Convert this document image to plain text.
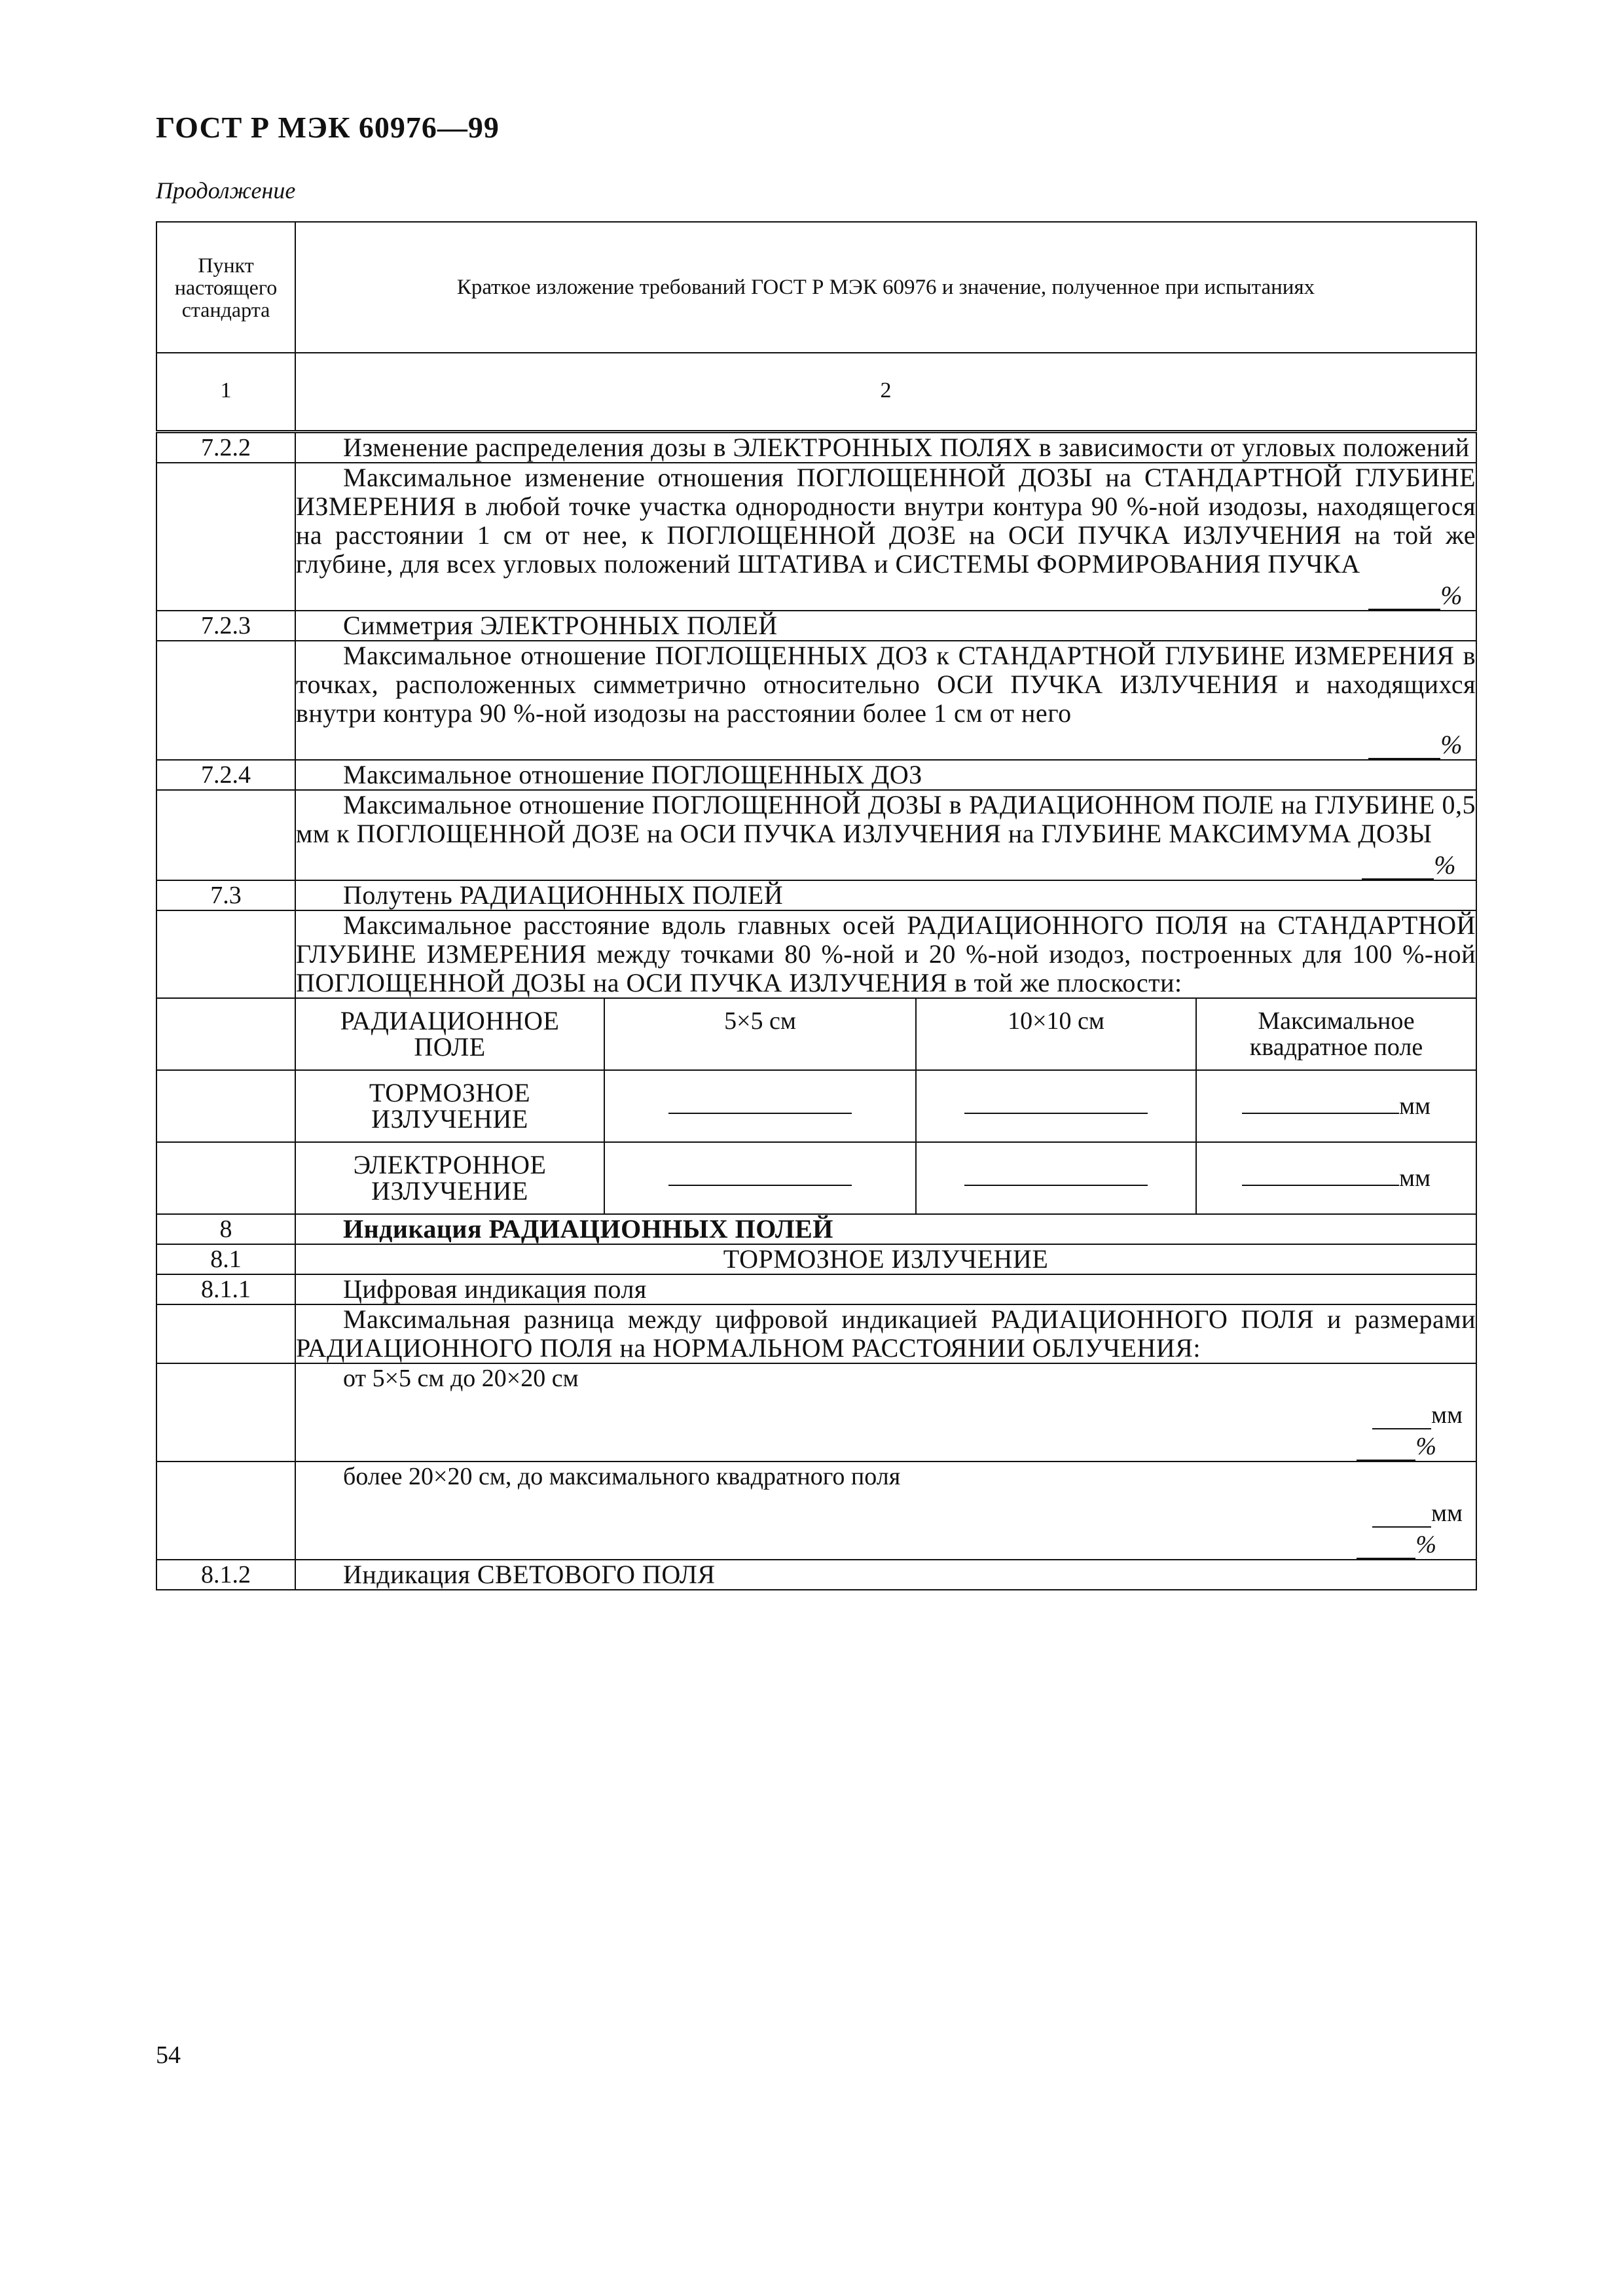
ГОСТ Р МЭК 60976—99
Продолжение
Пункт настоящего стандарта	Краткое изложение требований ГОСТ Р МЭК 60976 и значение, полученное при испытаниях			
1	2			
7.2.2	Изменение распределения дозы в ЭЛЕКТРОННЫХ ПОЛЯХ в зависимости от угловых положений			

	Максимальное изменение отношения ПОГЛОЩЕННОЙ ДОЗЫ на СТАНДАРТНОЙ ГЛУБИНЕ ИЗМЕРЕНИЯ в любой точке участка однородности внутри контура 90 %-ной изодозы, находящегося на расстоянии 1 см от нее, к ПОГЛОЩЕННОЙ ДОЗЕ на ОСИ ПУЧКА ИЗЛУЧЕНИЯ на той же глубине, для всех угловых положений ШТАТИВА и СИСТЕМЫ ФОРМИРОВАНИЯ ПУЧКА
%			

7.2.3	Симметрия ЭЛЕКТРОННЫХ ПОЛЕЙ			

	Максимальное отношение ПОГЛОЩЕННЫХ ДОЗ к СТАНДАРТНОЙ ГЛУБИНЕ ИЗМЕРЕНИЯ в точках, расположенных симметрично относительно ОСИ ПУЧКА ИЗЛУЧЕНИЯ и находящихся внутри контура 90 %-ной изодозы на расстоянии более 1 см от него
%			

7.2.4	Максимальное отношение ПОГЛОЩЕННЫХ ДОЗ			

	Максимальное отношение ПОГЛОЩЕННОЙ ДОЗЫ в РАДИАЦИОННОМ ПОЛЕ на ГЛУБИНЕ 0,5 мм к ПОГЛОЩЕННОЙ ДОЗЕ на ОСИ ПУЧКА ИЗЛУЧЕНИЯ на ГЛУБИНЕ МАКСИМУМА ДОЗЫ
%			

7.3	Полутень РАДИАЦИОННЫХ ПОЛЕЙ			

	Максимальное расстояние вдоль главных осей РАДИАЦИОННОГО ПОЛЯ на СТАНДАРТНОЙ ГЛУБИНЕ ИЗМЕРЕНИЯ между точками 80 %-ной и 20 %-ной изодоз, построенных для 100 %-ной ПОГЛОЩЕННОЙ ДОЗЫ на ОСИ ПУЧКА ИЗЛУЧЕНИЯ в той же плоскости:			

	РАДИАЦИОННОЕ ПОЛЕ	5×5 см	10×10 см	Максимальное квадратное поле
	ТОРМОЗНОЕ ИЗЛУЧЕНИЕ			мм
	ЭЛЕКТРОННОЕ ИЗЛУЧЕНИЕ			мм
8	Индикация РАДИАЦИОННЫХ ПОЛЕЙ			
8.1	ТОРМОЗНОЕ ИЗЛУЧЕНИЕ			
8.1.1	Цифровая индикация поля			
	Максимальная разница между цифровой индикацией РАДИАЦИОННОГО ПОЛЯ и размерами РАДИАЦИОННОГО ПОЛЯ на НОРМАЛЬНОМ РАССТОЯНИИ ОБЛУЧЕНИЯ:			

	от 5×5 см до 20×20 см
мм
%			

	более 20×20 см, до максимального квадратного поля
мм
%			

8.1.2	Индикация СВЕТОВОГО ПОЛЯ			
54
